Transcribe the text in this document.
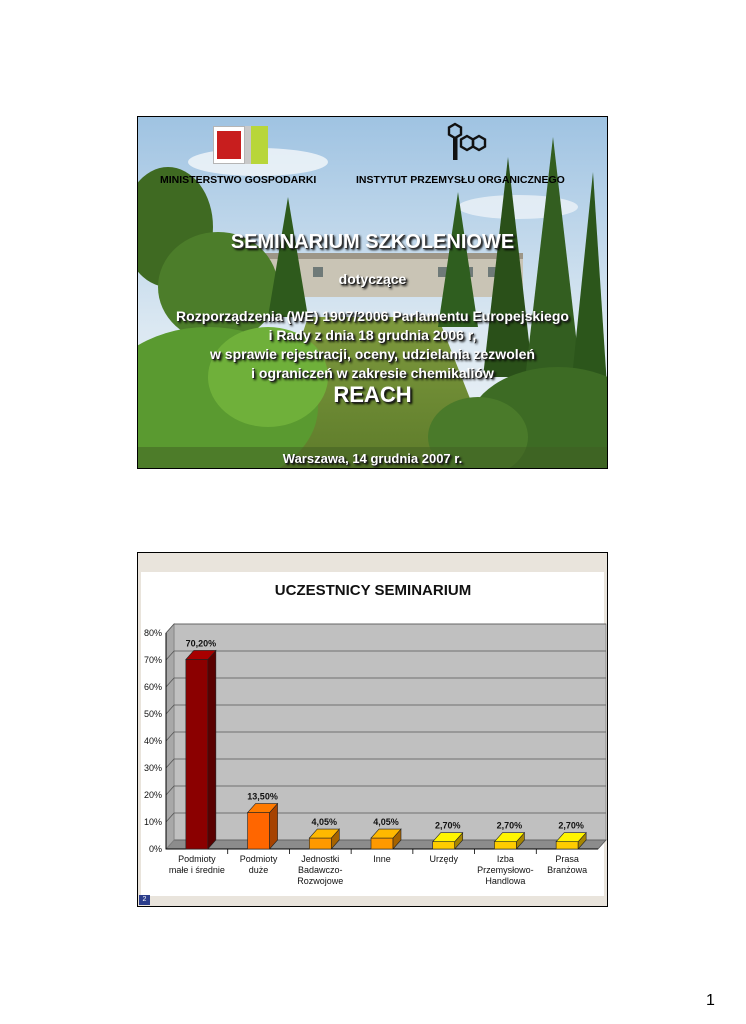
MINISTERSTWO GOSPODARKI	INSTYTUT PRZEMYSŁU ORGANICZNEGO
SEMINARIUM SZKOLENIOWE
dotyczące
Rozporządzenia (WE) 1907/2006 Parlamentu Europejskiego
i Rady z dnia 18 grudnia 2006 r,
w sprawie rejestracji, oceny, udzielania zezwoleń
i ograniczeń w zakresie chemikaliów
REACH
Warszawa, 14 grudnia 2007 r.
UCZESTNICY SEMINARIUM
0%
10%
20%
30%
40%
50%
60%
70%
80%
70,20%
Podmioty
małe i średnie
13,50%
Podmioty
duże
4,05%
Jednostki
Badawczo-
Rozwojowe
4,05%
Inne
2,70%
Urzędy
2,70%
Izba
Przemysłowo-
Handlowa
2,70%
Prasa
Branżowa
2
1
